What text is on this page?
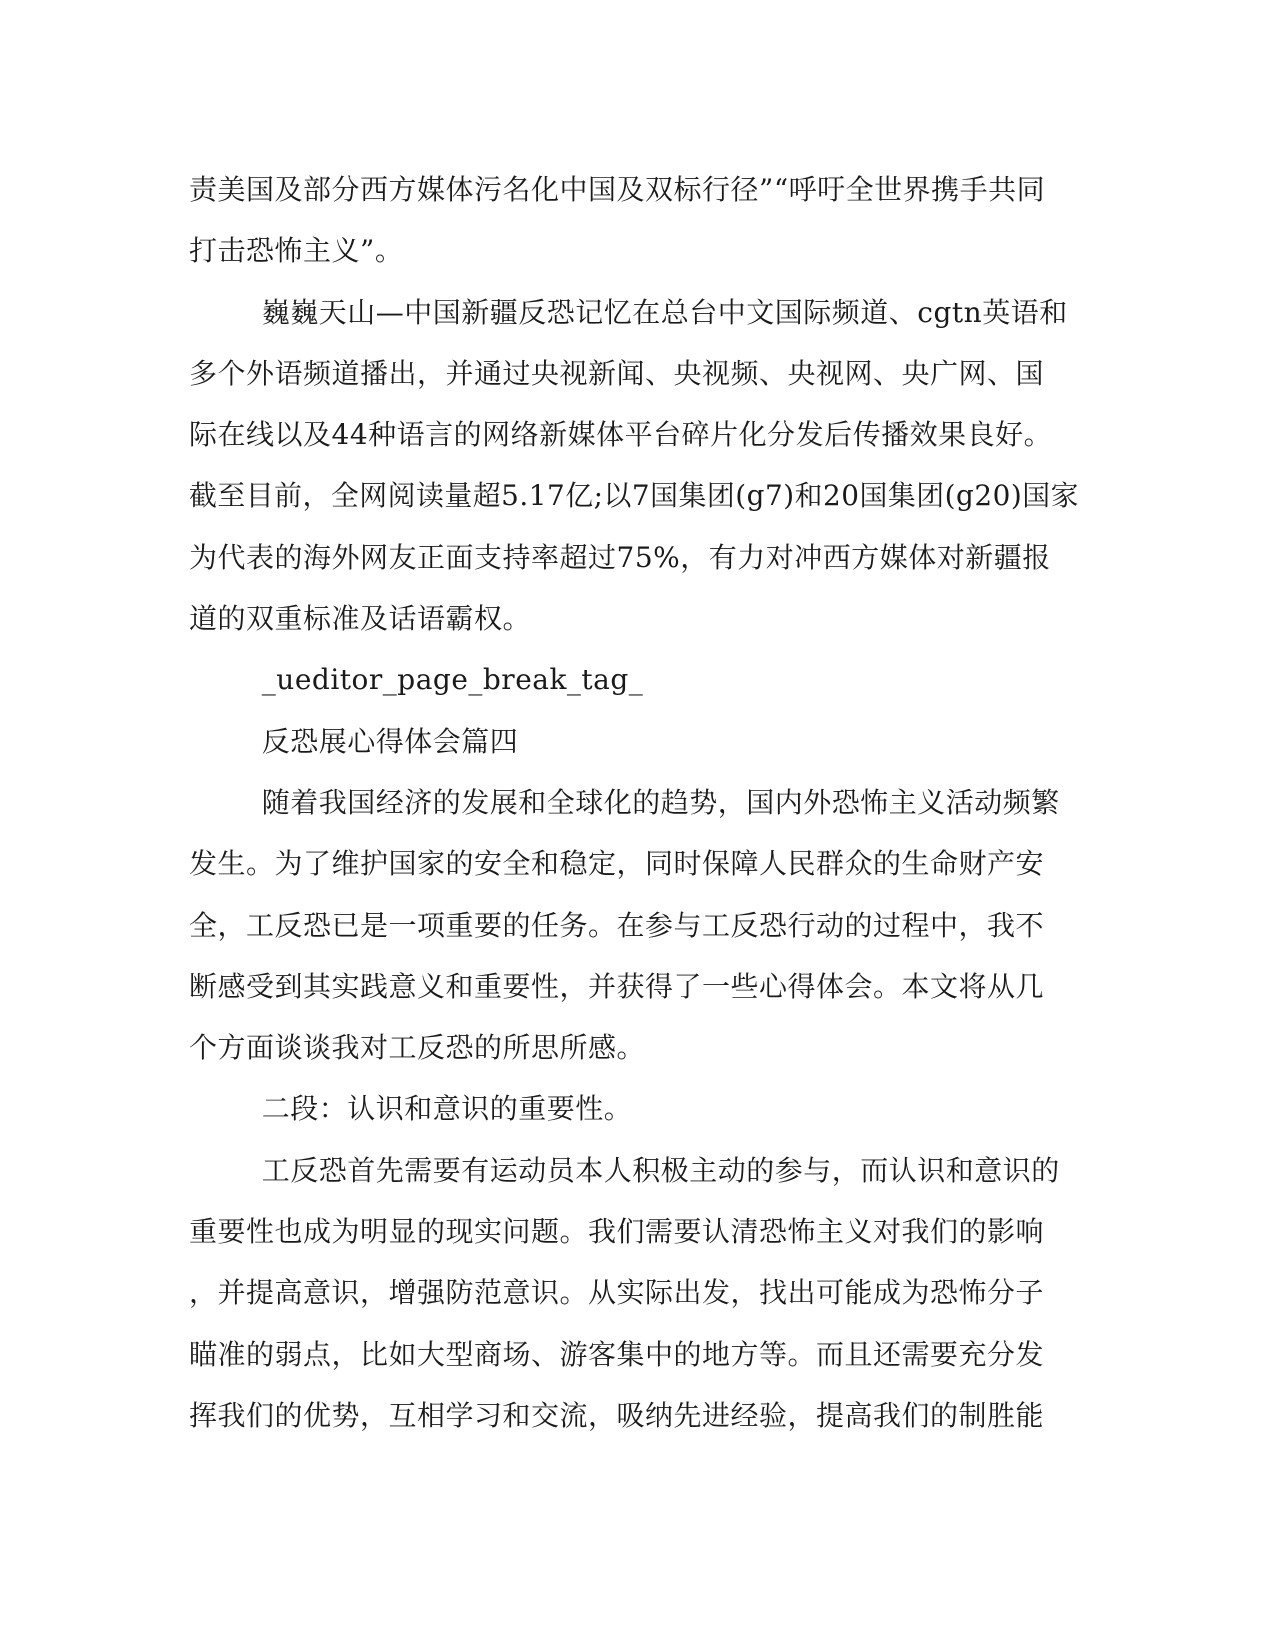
责美国及部分西方媒体污名化中国及双标行径”“呼吁全世界携手共同
打击恐怖主义”。

巍巍天山—中国新疆反恐记忆在总台中文国际频道、cgtn英语和
多个外语频道播出，并通过央视新闻、央视频、央视网、央广网、国
际在线以及44种语言的网络新媒体平台碎片化分发后传播效果良好。
截至目前，全网阅读量超5.17亿;以7国集团(g7)和20国集团(g20)国家
为代表的海外网友正面支持率超过75%，有力对冲西方媒体对新疆报
道的双重标准及话语霸权。

_ueditor_page_break_tag_

反恐展心得体会篇四

随着我国经济的发展和全球化的趋势，国内外恐怖主义活动频繁
发生。为了维护国家的安全和稳定，同时保障人民群众的生命财产安
全，工反恐已是一项重要的任务。在参与工反恐行动的过程中，我不
断感受到其实践意义和重要性，并获得了一些心得体会。本文将从几
个方面谈谈我对工反恐的所思所感。

二段：认识和意识的重要性。

工反恐首先需要有运动员本人积极主动的参与，而认识和意识的
重要性也成为明显的现实问题。我们需要认清恐怖主义对我们的影响
，并提高意识，增强防范意识。从实际出发，找出可能成为恐怖分子
瞄准的弱点，比如大型商场、游客集中的地方等。而且还需要充分发
挥我们的优势，互相学习和交流，吸纳先进经验，提高我们的制胜能
